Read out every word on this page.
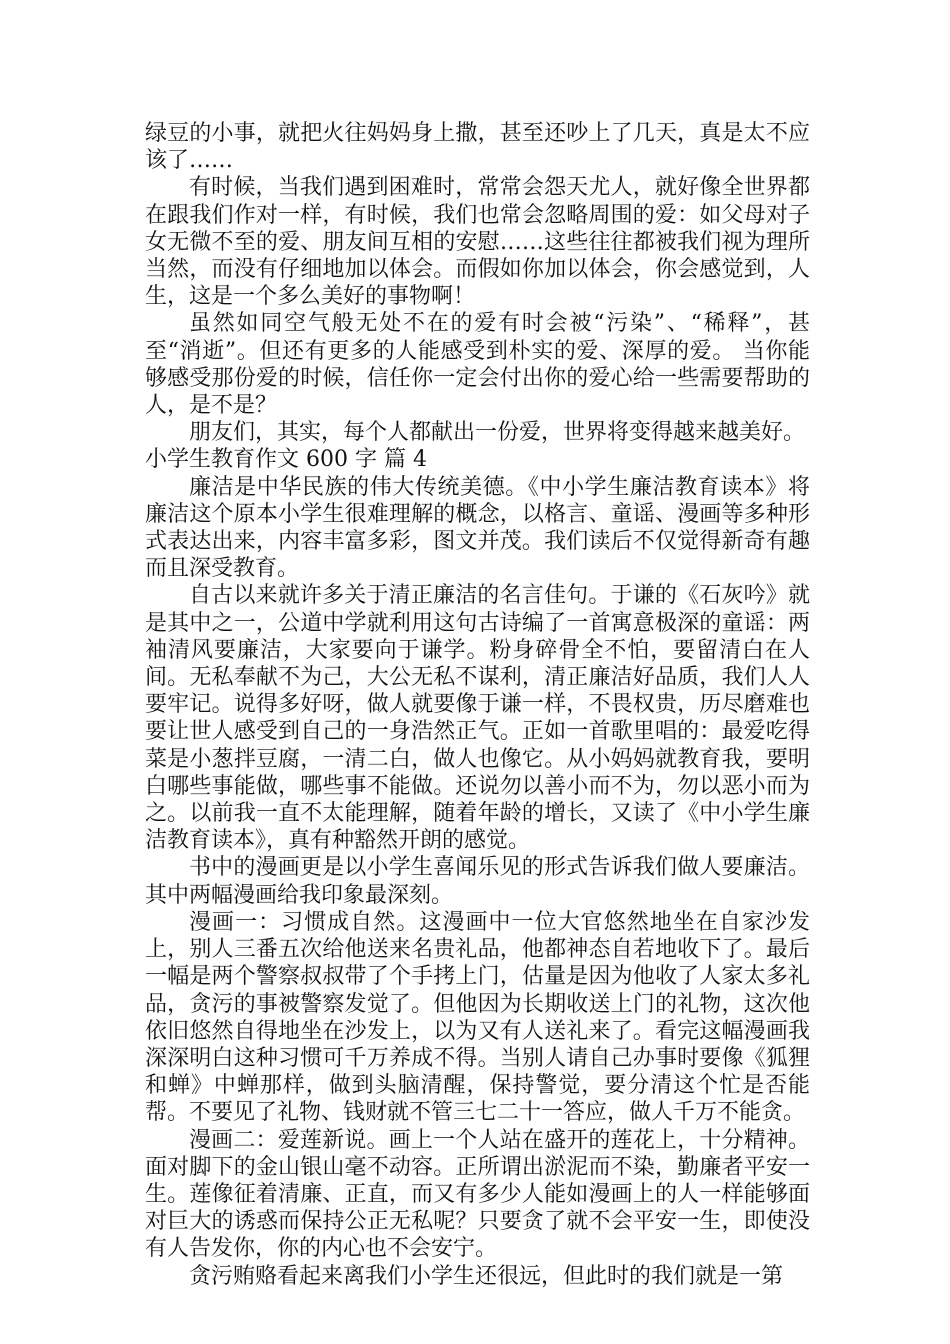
绿豆的小事，就把火往妈妈身上撒，甚至还吵上了几天，真是太不应该了……

有时候，当我们遇到困难时，常常会怨天尤人，就好像全世界都在跟我们作对一样，有时候，我们也常会忽略周围的爱：如父母对子女无微不至的爱、朋友间互相的安慰……这些往往都被我们视为理所当然，而没有仔细地加以体会。而假如你加以体会，你会感觉到，人生，这是一个多么美好的事物啊！

虽然如同空气般无处不在的爱有时会被“污染”、“稀释”，甚至“消逝”。但还有更多的人能感受到朴实的爱、深厚的爱。 当你能够感受那份爱的时候，信任你一定会付出你的爱心给一些需要帮助的人，是不是？

朋友们，其实，每个人都献出一份爱，世界将变得越来越美好。

小学生教育作文 600 字 篇 4

廉洁是中华民族的伟大传统美德。《中小学生廉洁教育读本》将廉洁这个原本小学生很难理解的概念，以格言、童谣、漫画等多种形式表达出来，内容丰富多彩，图文并茂。我们读后不仅觉得新奇有趣而且深受教育。

自古以来就许多关于清正廉洁的名言佳句。于谦的《石灰吟》就是其中之一，公道中学就利用这句古诗编了一首寓意极深的童谣：两袖清风要廉洁，大家要向于谦学。粉身碎骨全不怕，要留清白在人间。无私奉献不为己，大公无私不谋利，清正廉洁好品质，我们人人要牢记。说得多好呀，做人就要像于谦一样，不畏权贵，历尽磨难也要让世人感受到自己的一身浩然正气。正如一首歌里唱的：最爱吃得菜是小葱拌豆腐，一清二白，做人也像它。从小妈妈就教育我，要明白哪些事能做，哪些事不能做。还说勿以善小而不为，勿以恶小而为之。以前我一直不太能理解，随着年龄的增长，又读了《中小学生廉洁教育读本》，真有种豁然开朗的感觉。

书中的漫画更是以小学生喜闻乐见的形式告诉我们做人要廉洁。其中两幅漫画给我印象最深刻。

漫画一：习惯成自然。这漫画中一位大官悠然地坐在自家沙发上，别人三番五次给他送来名贵礼品，他都神态自若地收下了。最后一幅是两个警察叔叔带了个手拷上门，估量是因为他收了人家太多礼品，贪污的事被警察发觉了。但他因为长期收送上门的礼物，这次他依旧悠然自得地坐在沙发上，以为又有人送礼来了。看完这幅漫画我深深明白这种习惯可千万养成不得。当别人请自己办事时要像《狐狸和蝉》中蝉那样，做到头脑清醒，保持警觉，要分清这个忙是否能帮。不要见了礼物、钱财就不管三七二十一答应，做人千万不能贪。

漫画二：爱莲新说。画上一个人站在盛开的莲花上，十分精神。面对脚下的金山银山毫不动容。正所谓出淤泥而不染，勤廉者平安一生。莲像征着清廉、正直，而又有多少人能如漫画上的人一样能够面对巨大的诱惑而保持公正无私呢？只要贪了就不会平安一生，即使没有人告发你，你的内心也不会安宁。

贪污贿赂看起来离我们小学生还很远，但此时的我们就是一第
